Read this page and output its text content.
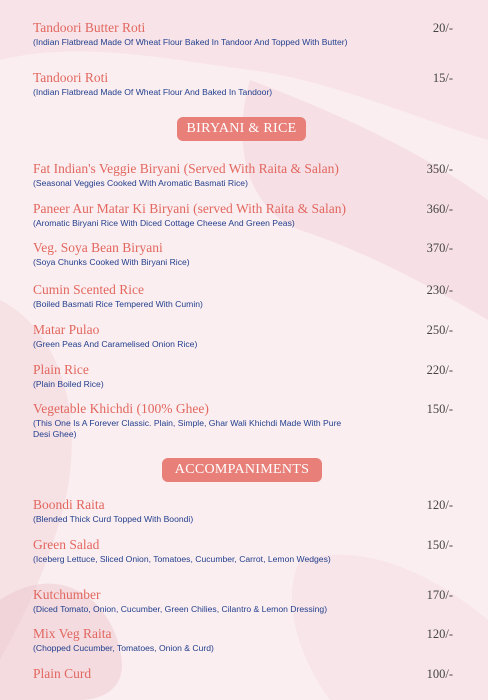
Tandoori Butter Roti
(Indian Flatbread Made Of Wheat Flour Baked In Tandoor And Topped With Butter)
20/-
Tandoori Roti
(Indian Flatbread Made Of Wheat Flour And Baked In Tandoor)
15/-
BIRYANI & RICE
Fat Indian's Veggie Biryani (Served With Raita & Salan)
(Seasonal Veggies Cooked With Aromatic Basmati Rice)
350/-
Paneer Aur Matar Ki Biryani (served With Raita & Salan)
(Aromatic Biryani Rice With Diced Cottage Cheese And Green Peas)
360/-
Veg. Soya Bean Biryani
(Soya Chunks Cooked With Biryani Rice)
370/-
Cumin Scented Rice
(Boiled Basmati Rice Tempered With Cumin)
230/-
Matar Pulao
(Green Peas And Caramelised Onion Rice)
250/-
Plain Rice
(Plain Boiled Rice)
220/-
Vegetable Khichdi (100% Ghee)
(This One Is A Forever Classic. Plain, Simple, Ghar Wali Khichdi Made With Pure Desi Ghee)
150/-
ACCOMPANIMENTS
Boondi Raita
(Blended Thick Curd Topped With Boondi)
120/-
Green Salad
(Iceberg Lettuce, Sliced Onion, Tomatoes, Cucumber, Carrot, Lemon Wedges)
150/-
Kutchumber
(Diced Tomato, Onion, Cucumber, Green Chilies, Cilantro & Lemon Dressing)
170/-
Mix Veg Raita
(Chopped Cucumber, Tomatoes, Onion & Curd)
120/-
Plain Curd	100/-
